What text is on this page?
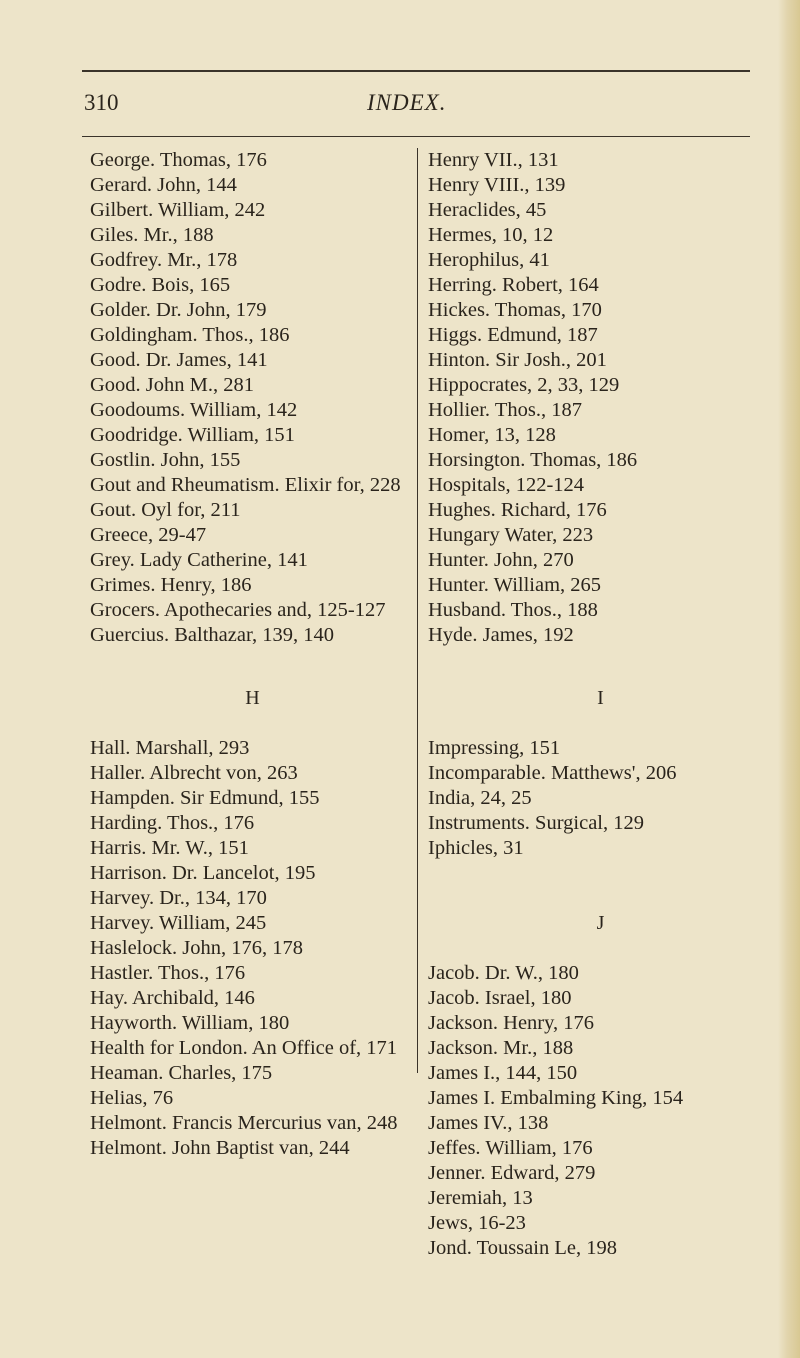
310	INDEX.
George. Thomas, 176
Gerard. John, 144
Gilbert. William, 242
Giles. Mr., 188
Godfrey. Mr., 178
Godre. Bois, 165
Golder. Dr. John, 179
Goldingham. Thos., 186
Good. Dr. James, 141
Good. John M., 281
Goodoums. William, 142
Goodridge. William, 151
Gostlin. John, 155
Gout and Rheumatism. Elixir for, 228
Gout. Oyl for, 211
Greece, 29-47
Grey. Lady Catherine, 141
Grimes. Henry, 186
Grocers. Apothecaries and, 125-127
Guercius. Balthazar, 139, 140
H
Hall. Marshall, 293
Haller. Albrecht von, 263
Hampden. Sir Edmund, 155
Harding. Thos., 176
Harris. Mr. W., 151
Harrison. Dr. Lancelot, 195
Harvey. Dr., 134, 170
Harvey. William, 245
Haslelock. John, 176, 178
Hastler. Thos., 176
Hay. Archibald, 146
Hayworth. William, 180
Health for London. An Office of, 171
Heaman. Charles, 175
Helias, 76
Helmont. Francis Mercurius van, 248
Helmont. John Baptist van, 244
Henry VII., 131
Henry VIII., 139
Heraclides, 45
Hermes, 10, 12
Herophilus, 41
Herring. Robert, 164
Hickes. Thomas, 170
Higgs. Edmund, 187
Hinton. Sir Josh., 201
Hippocrates, 2, 33, 129
Hollier. Thos., 187
Homer, 13, 128
Horsington. Thomas, 186
Hospitals, 122-124
Hughes. Richard, 176
Hungary Water, 223
Hunter. John, 270
Hunter. William, 265
Husband. Thos., 188
Hyde. James, 192
I
Impressing, 151
Incomparable. Matthews', 206
India, 24, 25
Instruments. Surgical, 129
Iphicles, 31
J
Jacob. Dr. W., 180
Jacob. Israel, 180
Jackson. Henry, 176
Jackson. Mr., 188
James I., 144, 150
James I. Embalming King, 154
James IV., 138
Jeffes. William, 176
Jenner. Edward, 279
Jeremiah, 13
Jews, 16-23
Jond. Toussain Le, 198
